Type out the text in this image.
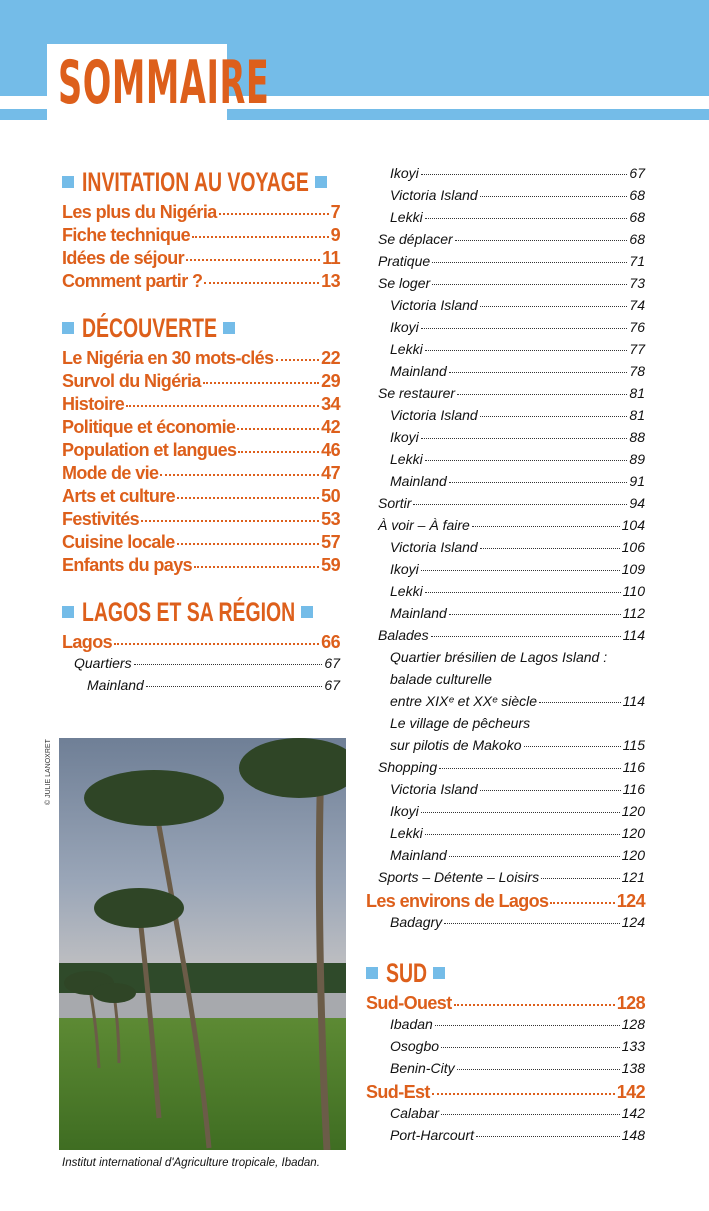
SOMMAIRE
INVITATION AU VOYAGE
Les plus du Nigéria	7
Fiche technique	9
Idées de séjour	11
Comment partir ?	13
DÉCOUVERTE
Le Nigéria en 30 mots-clés	22
Survol du Nigéria	29
Histoire	34
Politique et économie	42
Population et langues	46
Mode de vie	47
Arts et culture	50
Festivités	53
Cuisine locale	57
Enfants du pays	59
LAGOS ET SA RÉGION
Lagos	66
Quartiers	67
Mainland	67
Ikoyi	67
Victoria Island	68
Lekki	68
Se déplacer	68
Pratique	71
Se loger	73
Victoria Island	74
Ikoyi	76
Lekki	77
Mainland	78
Se restaurer	81
Victoria Island	81
Ikoyi	88
Lekki	89
Mainland	91
Sortir	94
À voir – À faire	104
Victoria Island	106
Ikoyi	109
Lekki	110
Mainland	112
Balades	114
Quartier brésilien de Lagos Island :
balade culturelle
entre XIXᵉ et XXᵉ siècle	114
Le village de pêcheurs
sur pilotis de Makoko	115
Shopping	116
Victoria Island	116
Ikoyi	120
Lekki	120
Mainland	120
Sports – Détente – Loisirs	121
Les environs de Lagos	124
Badagry	124
SUD
Sud-Ouest	128
Ibadan	128
Osogbo	133
Benin-City	138
Sud-Est	142
Calabar	142
Port-Harcourt	148
© JULIE LANOXRET
Institut international d'Agriculture tropicale, Ibadan.
